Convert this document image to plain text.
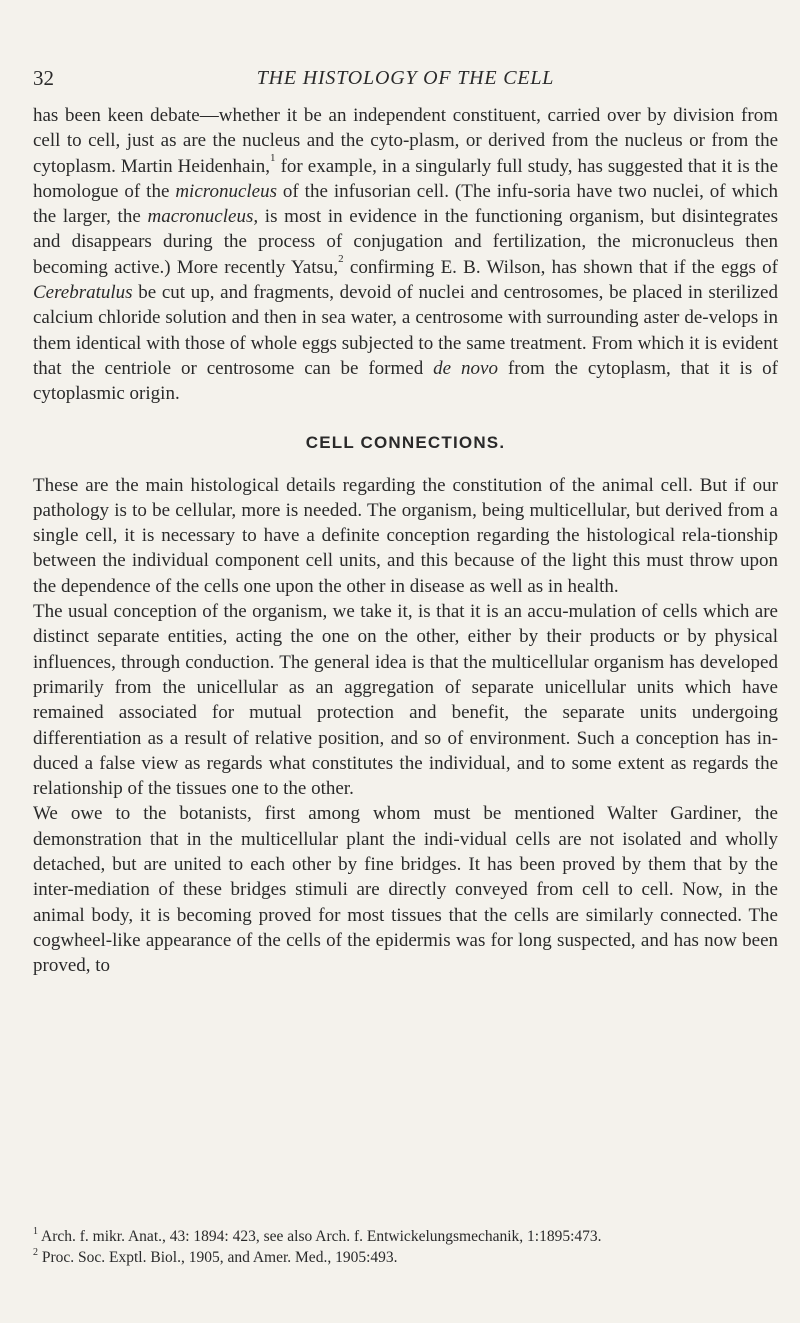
32	THE HISTOLOGY OF THE CELL

has been keen debate—whether it be an independent constituent, carried over by division from cell to cell, just as are the nucleus and the cyto-plasm, or derived from the nucleus or from the cytoplasm. Martin Heidenhain,$^1$ for example, in a singularly full study, has suggested that it is the homologue of the micronucleus of the infusorian cell. (The infu-soria have two nuclei, of which the larger, the macronucleus, is most in evidence in the functioning organism, but disintegrates and disappears during the process of conjugation and fertilization, the micronucleus then becoming active.) More recently Yatsu,$^2$ confirming E. B. Wilson, has shown that if the eggs of Cerebratulus be cut up, and fragments, devoid of nuclei and centrosomes, be placed in sterilized calcium chloride solution and then in sea water, a centrosome with surrounding aster de-velops in them identical with those of whole eggs subjected to the same treatment. From which it is evident that the centriole or centrosome can be formed de novo from the cytoplasm, that it is of cytoplasmic origin.

CELL CONNECTIONS.

These are the main histological details regarding the constitution of the animal cell. But if our pathology is to be cellular, more is needed. The organism, being multicellular, but derived from a single cell, it is necessary to have a definite conception regarding the histological rela-tionship between the individual component cell units, and this because of the light this must throw upon the dependence of the cells one upon the other in disease as well as in health.

The usual conception of the organism, we take it, is that it is an accu-mulation of cells which are distinct separate entities, acting the one on the other, either by their products or by physical influences, through conduction. The general idea is that the multicellular organism has developed primarily from the unicellular as an aggregation of separate unicellular units which have remained associated for mutual protection and benefit, the separate units undergoing differentiation as a result of relative position, and so of environment. Such a conception has in-duced a false view as regards what constitutes the individual, and to some extent as regards the relationship of the tissues one to the other.

We owe to the botanists, first among whom must be mentioned Walter Gardiner, the demonstration that in the multicellular plant the indi-vidual cells are not isolated and wholly detached, but are united to each other by fine bridges. It has been proved by them that by the inter-mediation of these bridges stimuli are directly conveyed from cell to cell. Now, in the animal body, it is becoming proved for most tissues that the cells are similarly connected. The cogwheel-like appearance of the cells of the epidermis was for long suspected, and has now been proved, to

$^1$ Arch. f. mikr. Anat., 43: 1894: 423, see also Arch. f. Entwickelungsmechanik, 1:1895:473.

$^2$ Proc. Soc. Exptl. Biol., 1905, and Amer. Med., 1905:493.
